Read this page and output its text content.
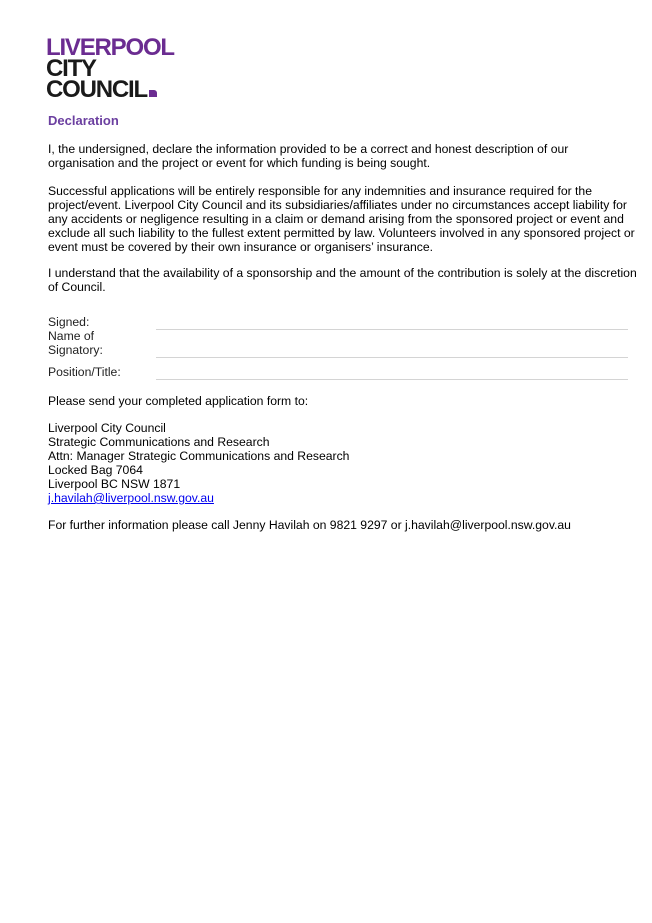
LIVERPOOL
CITY
COUNCIL
Declaration

I, the undersigned, declare the information provided to be a correct and honest description of our organisation and the project or event for which funding is being sought.

Successful applications will be entirely responsible for any indemnities and insurance required for the project/event. Liverpool City Council and its subsidiaries/affiliates under no circumstances accept liability for any accidents or negligence resulting in a claim or demand arising from the sponsored project or event and exclude all such liability to the fullest extent permitted by law. Volunteers involved in any sponsored project or event must be covered by their own insurance or organisers’ insurance.

I understand that the availability of a sponsorship and the amount of the contribution is solely at the discretion of Council.

Signed:
Name of Signatory:
Position/Title:

Please send your completed application form to:

Liverpool City Council
Strategic Communications and Research
Attn: Manager Strategic Communications and Research
Locked Bag 7064
Liverpool BC NSW 1871
j.havilah@liverpool.nsw.gov.au

For further information please call Jenny Havilah on 9821 9297 or j.havilah@liverpool.nsw.gov.au
